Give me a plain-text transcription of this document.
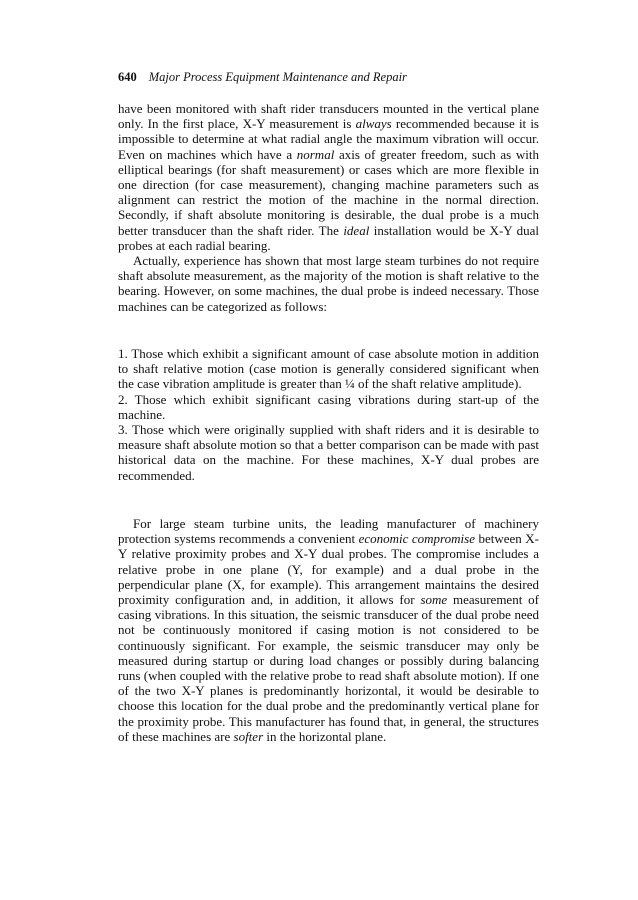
640 Major Process Equipment Maintenance and Repair

have been monitored with shaft rider transducers mounted in the vertical plane only. In the first place, X-Y measurement is always recommended because it is impossible to determine at what radial angle the maximum vibration will occur. Even on machines which have a normal axis of greater freedom, such as with elliptical bearings (for shaft measurement) or cases which are more flexible in one direction (for case measurement), changing machine parameters such as alignment can restrict the motion of the machine in the normal direction. Secondly, if shaft absolute monitoring is desirable, the dual probe is a much better transducer than the shaft rider. The ideal installation would be X-Y dual probes at each radial bearing.

Actually, experience has shown that most large steam turbines do not require shaft absolute measurement, as the majority of the motion is shaft relative to the bearing. However, on some machines, the dual probe is indeed necessary. Those machines can be categorized as follows:

1. Those which exhibit a significant amount of case absolute motion in addition to shaft relative motion (case motion is generally considered significant when the case vibration amplitude is greater than ¼ of the shaft relative amplitude).

2. Those which exhibit significant casing vibrations during start-up of the machine.

3. Those which were originally supplied with shaft riders and it is desirable to measure shaft absolute motion so that a better comparison can be made with past historical data on the machine. For these machines, X-Y dual probes are recommended.

For large steam turbine units, the leading manufacturer of machinery protection systems recommends a convenient economic compromise between X-Y relative proximity probes and X-Y dual probes. The compromise includes a relative probe in one plane (Y, for example) and a dual probe in the perpendicular plane (X, for example). This arrangement maintains the desired proximity configuration and, in addition, it allows for some measurement of casing vibrations. In this situation, the seismic transducer of the dual probe need not be continuously monitored if casing motion is not considered to be continuously significant. For example, the seismic transducer may only be measured during startup or during load changes or possibly during balancing runs (when coupled with the relative probe to read shaft absolute motion). If one of the two X-Y planes is predominantly horizontal, it would be desirable to choose this location for the dual probe and the predominantly vertical plane for the proximity probe. This manufacturer has found that, in general, the structures of these machines are softer in the horizontal plane.
